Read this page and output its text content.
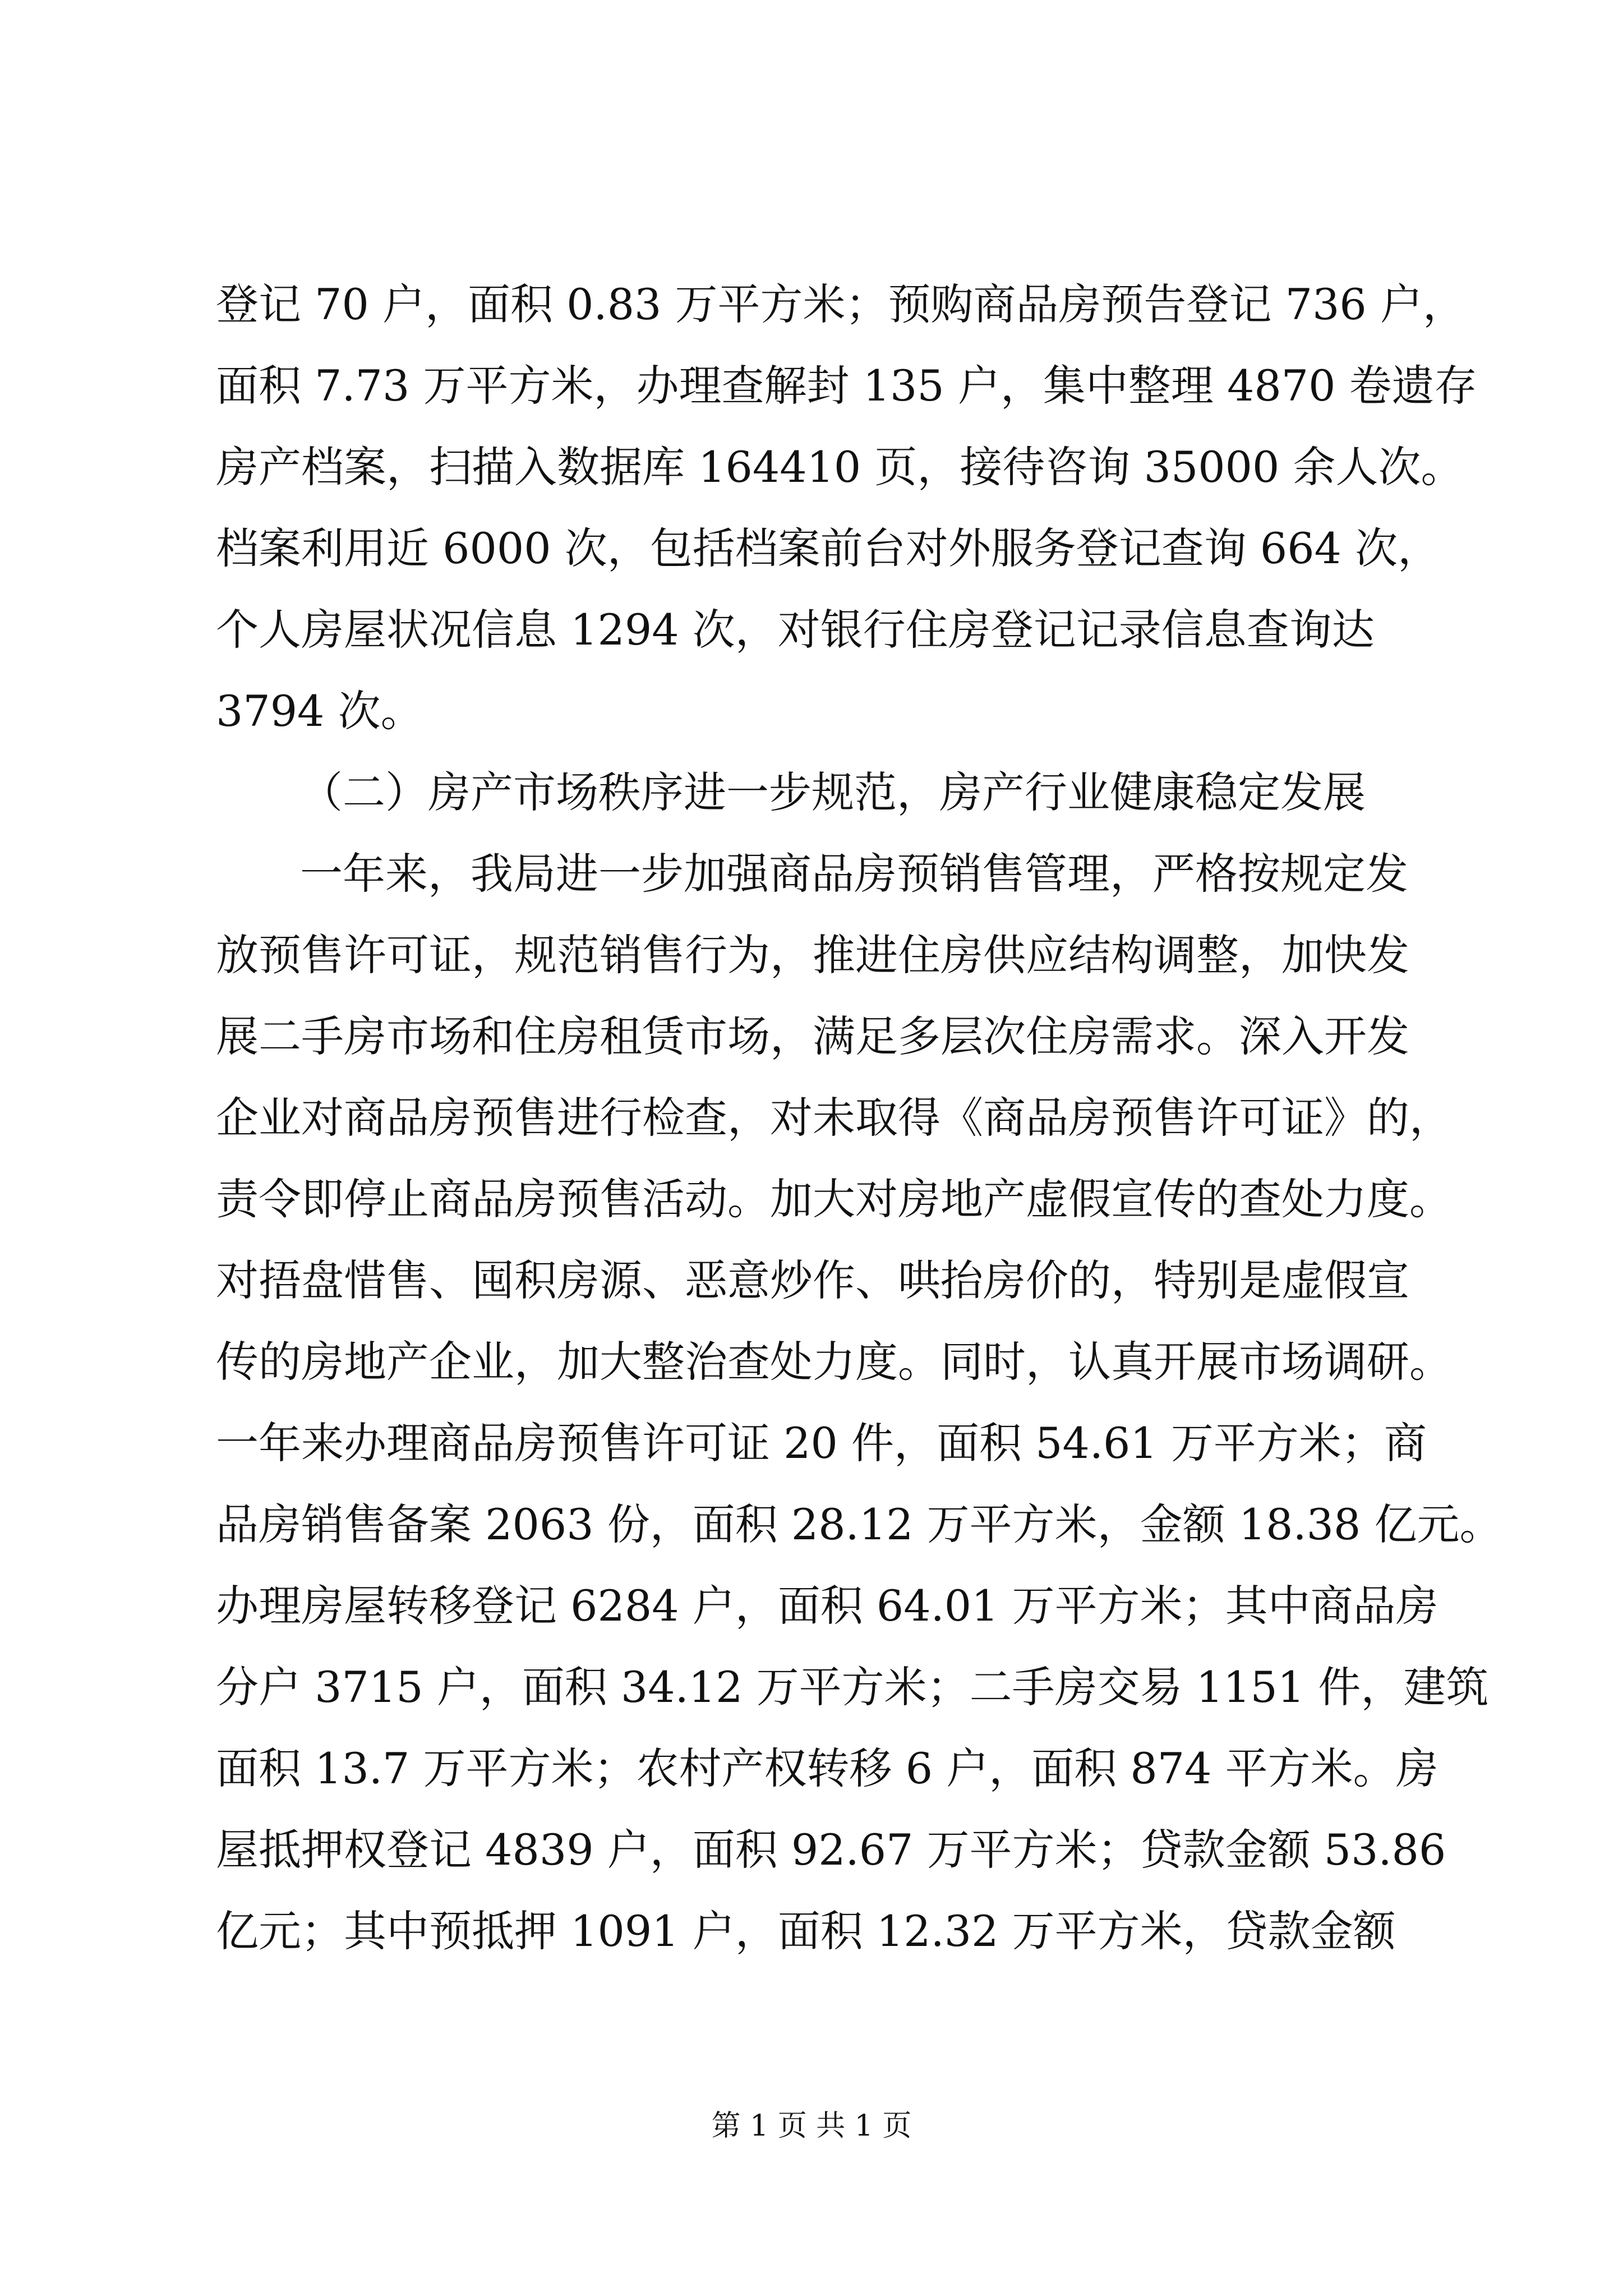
登记 70 户，面积 0.83 万平方米；预购商品房预告登记 736 户，
面积 7.73 万平方米，办理查解封 135 户，集中整理 4870 卷遗存
房产档案，扫描入数据库 164410 页，接待咨询 35000 余人次。
档案利用近 6000 次，包括档案前台对外服务登记查询 664 次，
个人房屋状况信息 1294 次，对银行住房登记记录信息查询达
3794 次。
（二）房产市场秩序进一步规范，房产行业健康稳定发展
一年来，我局进一步加强商品房预销售管理，严格按规定发
放预售许可证，规范销售行为，推进住房供应结构调整，加快发
展二手房市场和住房租赁市场，满足多层次住房需求。深入开发
企业对商品房预售进行检查，对未取得《商品房预售许可证》的，
责令即停止商品房预售活动。加大对房地产虚假宣传的查处力度。
对捂盘惜售、囤积房源、恶意炒作、哄抬房价的，特别是虚假宣
传的房地产企业，加大整治查处力度。同时，认真开展市场调研。
一年来办理商品房预售许可证 20 件，面积 54.61 万平方米；商
品房销售备案 2063 份，面积 28.12 万平方米，金额 18.38 亿元。
办理房屋转移登记 6284 户，面积 64.01 万平方米；其中商品房
分户 3715 户，面积 34.12 万平方米；二手房交易 1151 件，建筑
面积 13.7 万平方米；农村产权转移 6 户，面积 874 平方米。房
屋抵押权登记 4839 户，面积 92.67 万平方米；贷款金额 53.86
亿元；其中预抵押 1091 户，面积 12.32 万平方米，贷款金额
第 1 页 共 1 页
